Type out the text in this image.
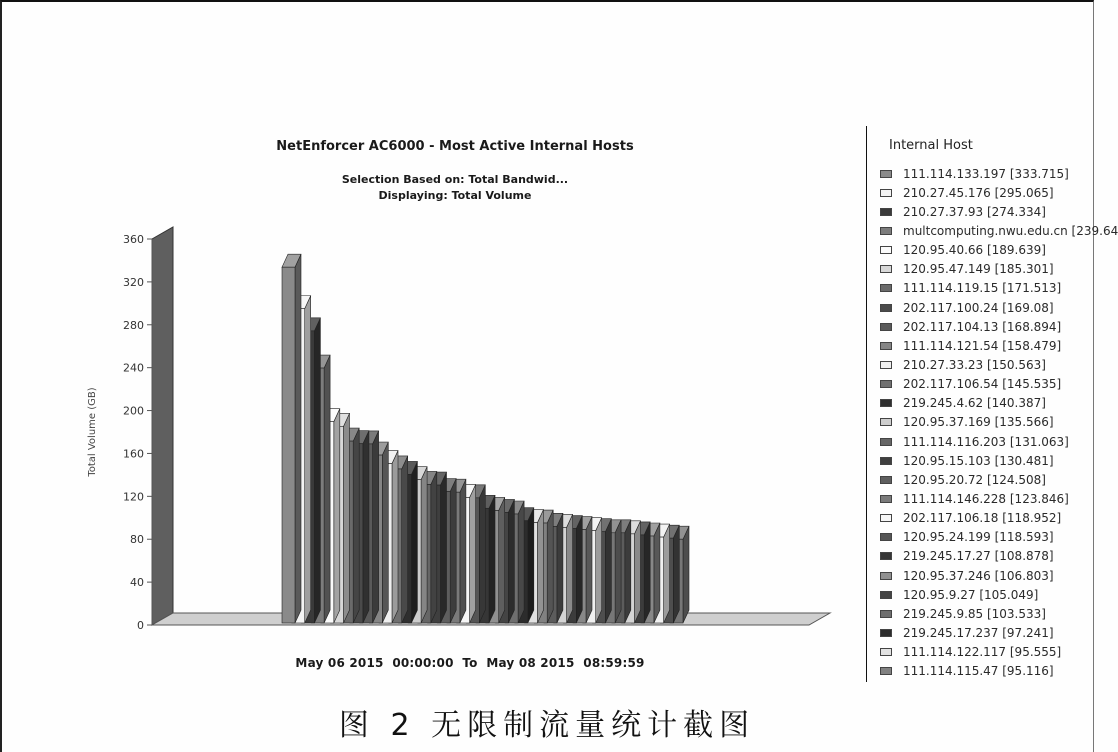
NetEnforcer AC6000 - Most Active Internal Hosts
Selection Based on: Total Bandwid...
Displaying: Total Volume
0
40
80
120
160
200
240
280
320
360
Total Volume (GB)
May 06 2015  00:00:00  To  May 08 2015  08:59:59
Internal Host
111.114.133.197 [333.715]
210.27.45.176 [295.065]
210.27.37.93 [274.334]
multcomputing.nwu.edu.cn [239.64
120.95.40.66 [189.639]
120.95.47.149 [185.301]
111.114.119.15 [171.513]
202.117.100.24 [169.08]
202.117.104.13 [168.894]
111.114.121.54 [158.479]
210.27.33.23 [150.563]
202.117.106.54 [145.535]
219.245.4.62 [140.387]
120.95.37.169 [135.566]
111.114.116.203 [131.063]
120.95.15.103 [130.481]
120.95.20.72 [124.508]
111.114.146.228 [123.846]
202.117.106.18 [118.952]
120.95.24.199 [118.593]
219.245.17.27 [108.878]
120.95.37.246 [106.803]
120.95.9.27 [105.049]
219.245.9.85 [103.533]
219.245.17.237 [97.241]
111.114.122.117 [95.555]
111.114.115.47 [95.116]
图 2 无限制流量统计截图
